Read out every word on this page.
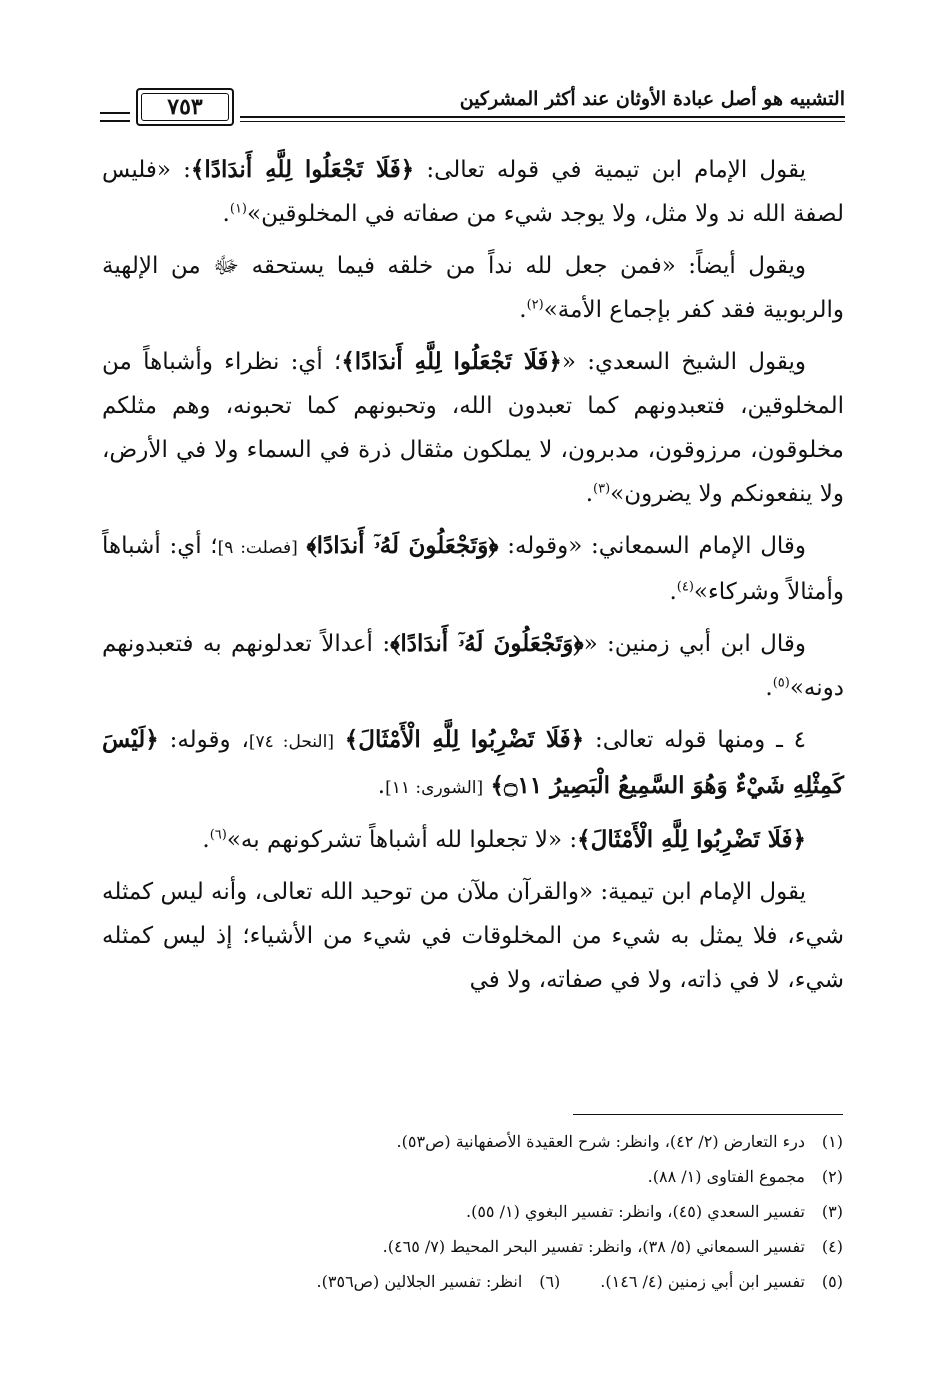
التشبيه هو أصل عبادة الأوثان عند أكثر المشركين
٧٥٣

يقول الإمام ابن تيمية في قوله تعالى: ﴿فَلَا تَجْعَلُوا لِلَّهِ أَندَادًا﴾: «فليس لصفة الله ند ولا مثل، ولا يوجد شيء من صفاته في المخلوقين»$^{(١)}$.

ويقول أيضاً: «فمن جعل لله نداً من خلقه فيما يستحقه ﷻ من الإلهية والربوبية فقد كفر بإجماع الأمة»$^{(٢)}$.

ويقول الشيخ السعدي: «﴿فَلَا تَجْعَلُوا لِلَّهِ أَندَادًا﴾؛ أي: نظراء وأشباهاً من المخلوقين، فتعبدونهم كما تعبدون الله، وتحبونهم كما تحبونه، وهم مثلكم مخلوقون، مرزوقون، مدبرون، لا يملكون مثقال ذرة في السماء ولا في الأرض، ولا ينفعونكم ولا يضرون»$^{(٣)}$.

وقال الإمام السمعاني: «وقوله: ﴿وَتَجْعَلُونَ لَهُۥٓ أَندَادًا﴾ [فصلت: ٩]؛ أي: أشباهاً وأمثالاً وشركاء»$^{(٤)}$.

وقال ابن أبي زمنين: «﴿وَتَجْعَلُونَ لَهُۥٓ أَندَادًا﴾: أعدالاً تعدلونهم به فتعبدونهم دونه»$^{(٥)}$.

٤ ـ ومنها قوله تعالى: ﴿فَلَا تَضْرِبُوا لِلَّهِ الْأَمْثَالَ﴾ [النحل: ٧٤]، وقوله: ﴿لَيْسَ كَمِثْلِهِ شَيْءٌ وَهُوَ السَّمِيعُ الْبَصِيرُ ۝١١﴾ [الشورى: ١١].

﴿فَلَا تَضْرِبُوا لِلَّهِ الْأَمْثَالَ﴾: «لا تجعلوا لله أشباهاً تشركونهم به»$^{(٦)}$.

يقول الإمام ابن تيمية: «والقرآن ملآن من توحيد الله تعالى، وأنه ليس كمثله شيء، فلا يمثل به شيء من المخلوقات في شيء من الأشياء؛ إذ ليس كمثله شيء، لا في ذاته، ولا في صفاته، ولا في

(١)درء التعارض (٢/ ٤٢)، وانظر: شرح العقيدة الأصفهانية (ص٥٣).
(٢)مجموع الفتاوى (١/ ٨٨).
(٣)تفسير السعدي (٤٥)، وانظر: تفسير البغوي (١/ ٥٥).
(٤)تفسير السمعاني (٥/ ٣٨)، وانظر: تفسير البحر المحيط (٧/ ٤٦٥).
(٥)تفسير ابن أبي زمنين (٤/ ١٤٦).(٦)انظر: تفسير الجلالين (ص٣٥٦).
